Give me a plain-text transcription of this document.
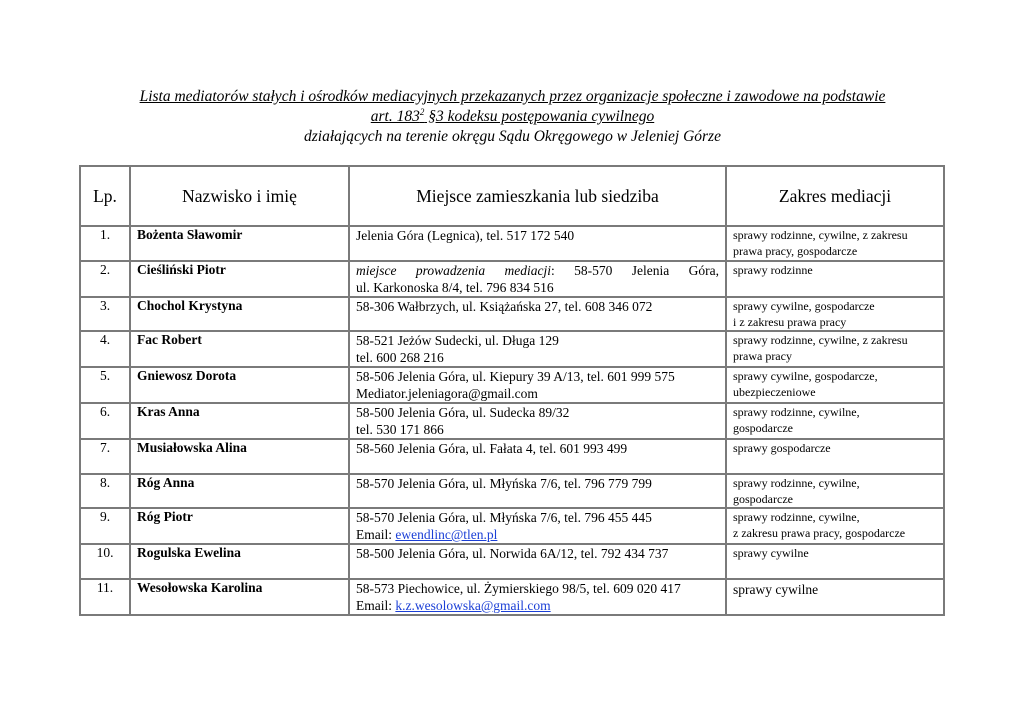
Lista mediatorów stałych i ośrodków mediacyjnych przekazanych przez organizacje społeczne i zawodowe na podstawie
art. $183^2$ §3 kodeksu postępowania cywilnego
działających na terenie okręgu Sądu Okręgowego w Jeleniej Górze
Lp.	Nazwisko i imię	Miejsce zamieszkania lub siedziba	Zakres mediacji
1.	Bożenta Sławomir	Jelenia Góra (Legnica), tel. 517 172 540	sprawy rodzinne, cywilne, z zakresu
prawa pracy, gospodarcze

2.	Cieśliński Piotr	miejsce prowadzenia mediacji: 58-570 Jelenia Góra,
ul. Karkonoska 8/4, tel. 796 834 516	sprawy rodzinne

3.	Chochol Krystyna	58-306 Wałbrzych, ul. Książańska 27, tel. 608 346 072	sprawy cywilne, gospodarcze
i z zakresu prawa pracy

4.	Fac Robert	58-521 Jeżów Sudecki, ul. Długa 129
tel. 600 268 216	sprawy rodzinne, cywilne, z zakresu
prawa pracy

5.	Gniewosz Dorota	58-506 Jelenia Góra, ul. Kiepury 39 A/13, tel. 601 999 575
Mediator.jeleniagora@gmail.com	sprawy cywilne, gospodarcze,
ubezpieczeniowe

6.	Kras Anna	58-500 Jelenia Góra, ul. Sudecka 89/32
tel. 530 171 866	sprawy rodzinne, cywilne,
gospodarcze

7.	Musiałowska Alina	58-560 Jelenia Góra, ul. Fałata 4, tel. 601 993 499	sprawy gospodarcze

8.	Róg Anna	58-570 Jelenia Góra, ul. Młyńska 7/6, tel. 796 779 799	sprawy rodzinne, cywilne,
gospodarcze

9.	Róg Piotr	58-570 Jelenia Góra, ul. Młyńska 7/6, tel. 796 455 445
Email: ewendlinc@tlen.pl	sprawy rodzinne, cywilne,
z zakresu prawa pracy, gospodarcze

10.	Rogulska Ewelina	58-500 Jelenia Góra, ul. Norwida 6A/12, tel. 792 434 737	sprawy cywilne

11.	Wesołowska Karolina	58-573 Piechowice, ul. Żymierskiego 98/5, tel. 609 020 417
Email: k.z.wesolowska@gmail.com	sprawy cywilne
